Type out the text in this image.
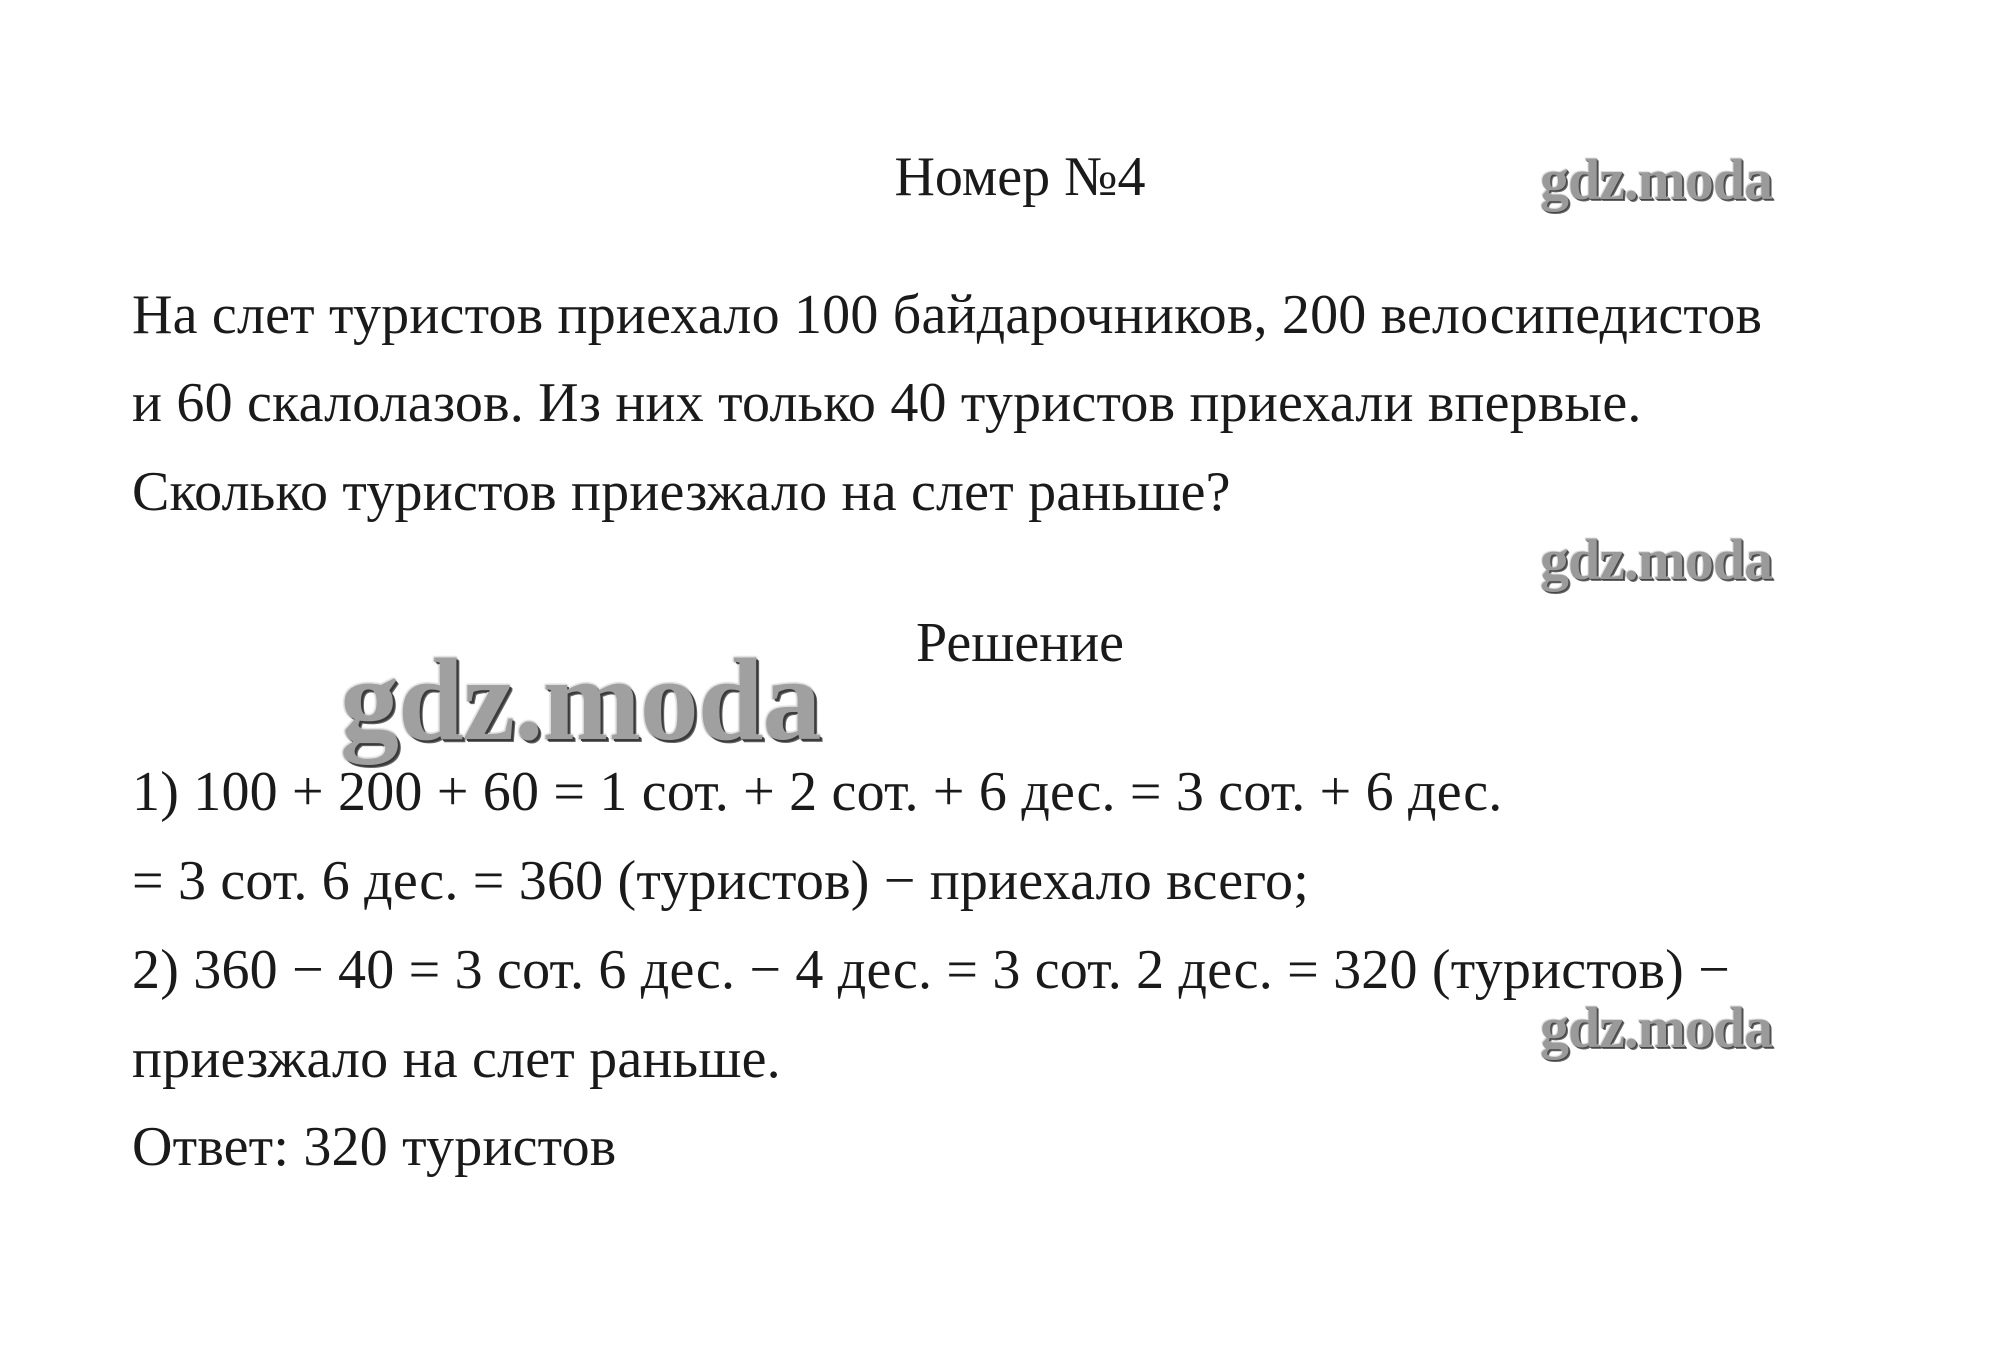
Номер №4	gdz.moda
На слет туристов приехало 100 байдарочников, 200 велосипедистов
и 60 скалолазов. Из них только 40 туристов приехали впервые.
Сколько туристов приезжало на слет раньше?
gdz.moda
Решение
gdz.moda
1) 100 + 200 + 60 = 1 сот. + 2 сот. + 6 дес. = 3 сот. + 6 дес.
= 3 сот. 6 дес. = 360 (туристов) − приехало всего;
2) 360 − 40 = 3 сот. 6 дес. − 4 дес. = 3 сот. 2 дес. = 320 (туристов) −
gdz.moda
приезжало на слет раньше.
Ответ: 320 туристов
